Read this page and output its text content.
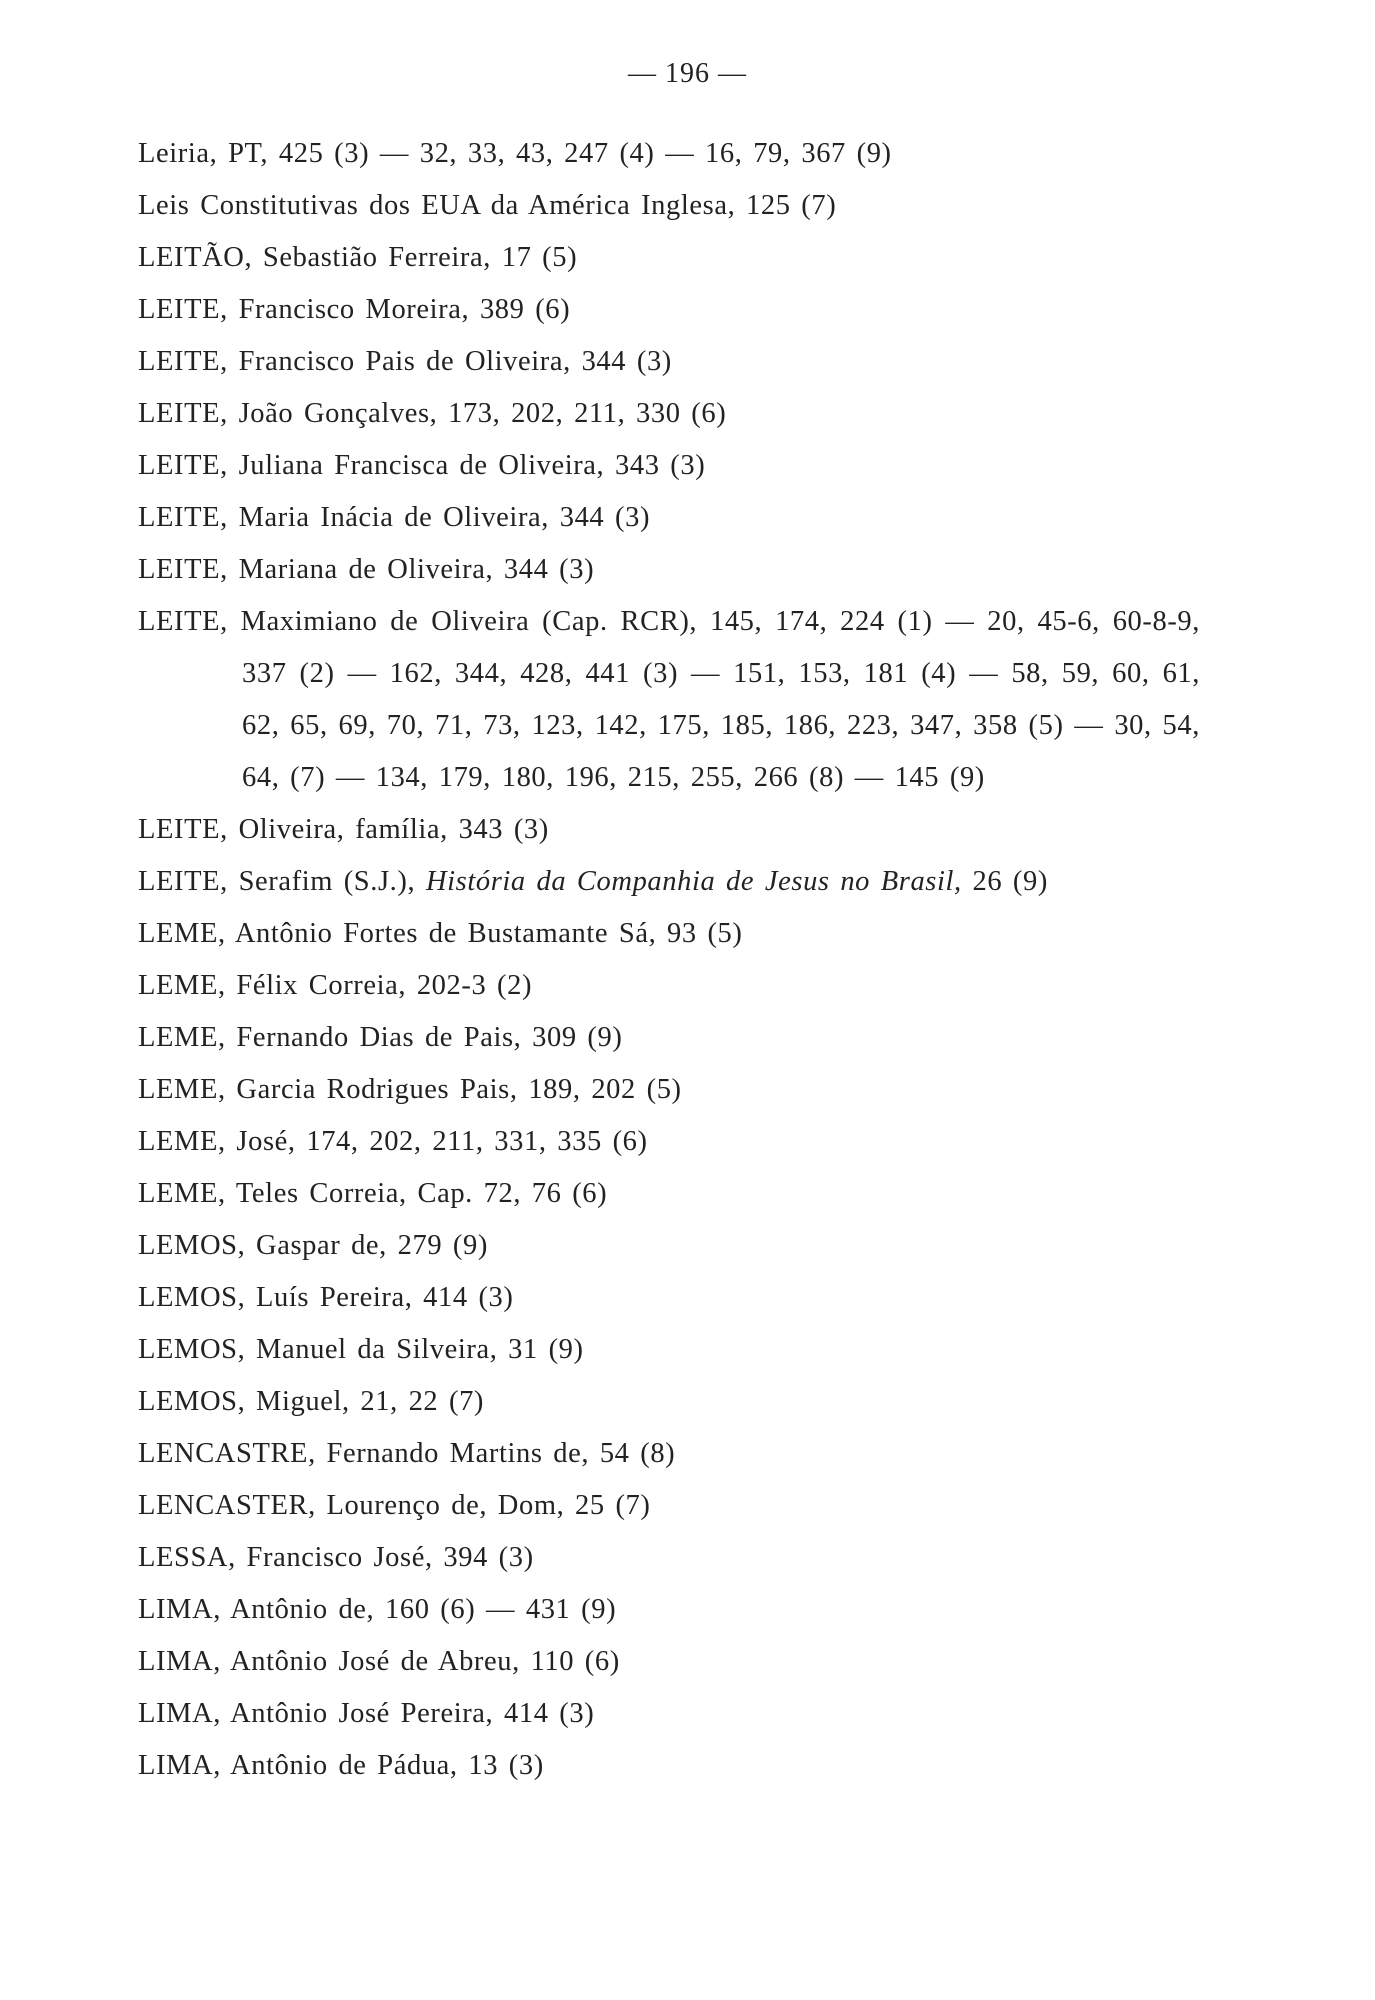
— 196 —
Leiria, PT, 425 (3) — 32, 33, 43, 247 (4) — 16, 79, 367 (9)
Leis Constitutivas dos EUA da América Inglesa, 125 (7)
LEITÃO, Sebastião Ferreira, 17 (5)
LEITE, Francisco Moreira, 389 (6)
LEITE, Francisco Pais de Oliveira, 344 (3)
LEITE, João Gonçalves, 173, 202, 211, 330 (6)
LEITE, Juliana Francisca de Oliveira, 343 (3)
LEITE, Maria Inácia de Oliveira, 344 (3)
LEITE, Mariana de Oliveira, 344 (3)
LEITE, Maximiano de Oliveira (Cap. RCR), 145, 174, 224 (1) — 20, 45-6, 60-8-9, 337 (2) — 162, 344, 428, 441 (3) — 151, 153, 181 (4) — 58, 59, 60, 61, 62, 65, 69, 70, 71, 73, 123, 142, 175, 185, 186, 223, 347, 358 (5) — 30, 54, 64, (7) — 134, 179, 180, 196, 215, 255, 266 (8) — 145 (9)
LEITE, Oliveira, família, 343 (3)
LEITE, Serafim (S.J.), História da Companhia de Jesus no Brasil, 26 (9)
LEME, Antônio Fortes de Bustamante Sá, 93 (5)
LEME, Félix Correia, 202-3 (2)
LEME, Fernando Dias de Pais, 309 (9)
LEME, Garcia Rodrigues Pais, 189, 202 (5)
LEME, José, 174, 202, 211, 331, 335 (6)
LEME, Teles Correia, Cap. 72, 76 (6)
LEMOS, Gaspar de, 279 (9)
LEMOS, Luís Pereira, 414 (3)
LEMOS, Manuel da Silveira, 31 (9)
LEMOS, Miguel, 21, 22 (7)
LENCASTRE, Fernando Martins de, 54 (8)
LENCASTER, Lourenço de, Dom, 25 (7)
LESSA, Francisco José, 394 (3)
LIMA, Antônio de, 160 (6) — 431 (9)
LIMA, Antônio José de Abreu, 110 (6)
LIMA, Antônio José Pereira, 414 (3)
LIMA, Antônio de Pádua, 13 (3)
